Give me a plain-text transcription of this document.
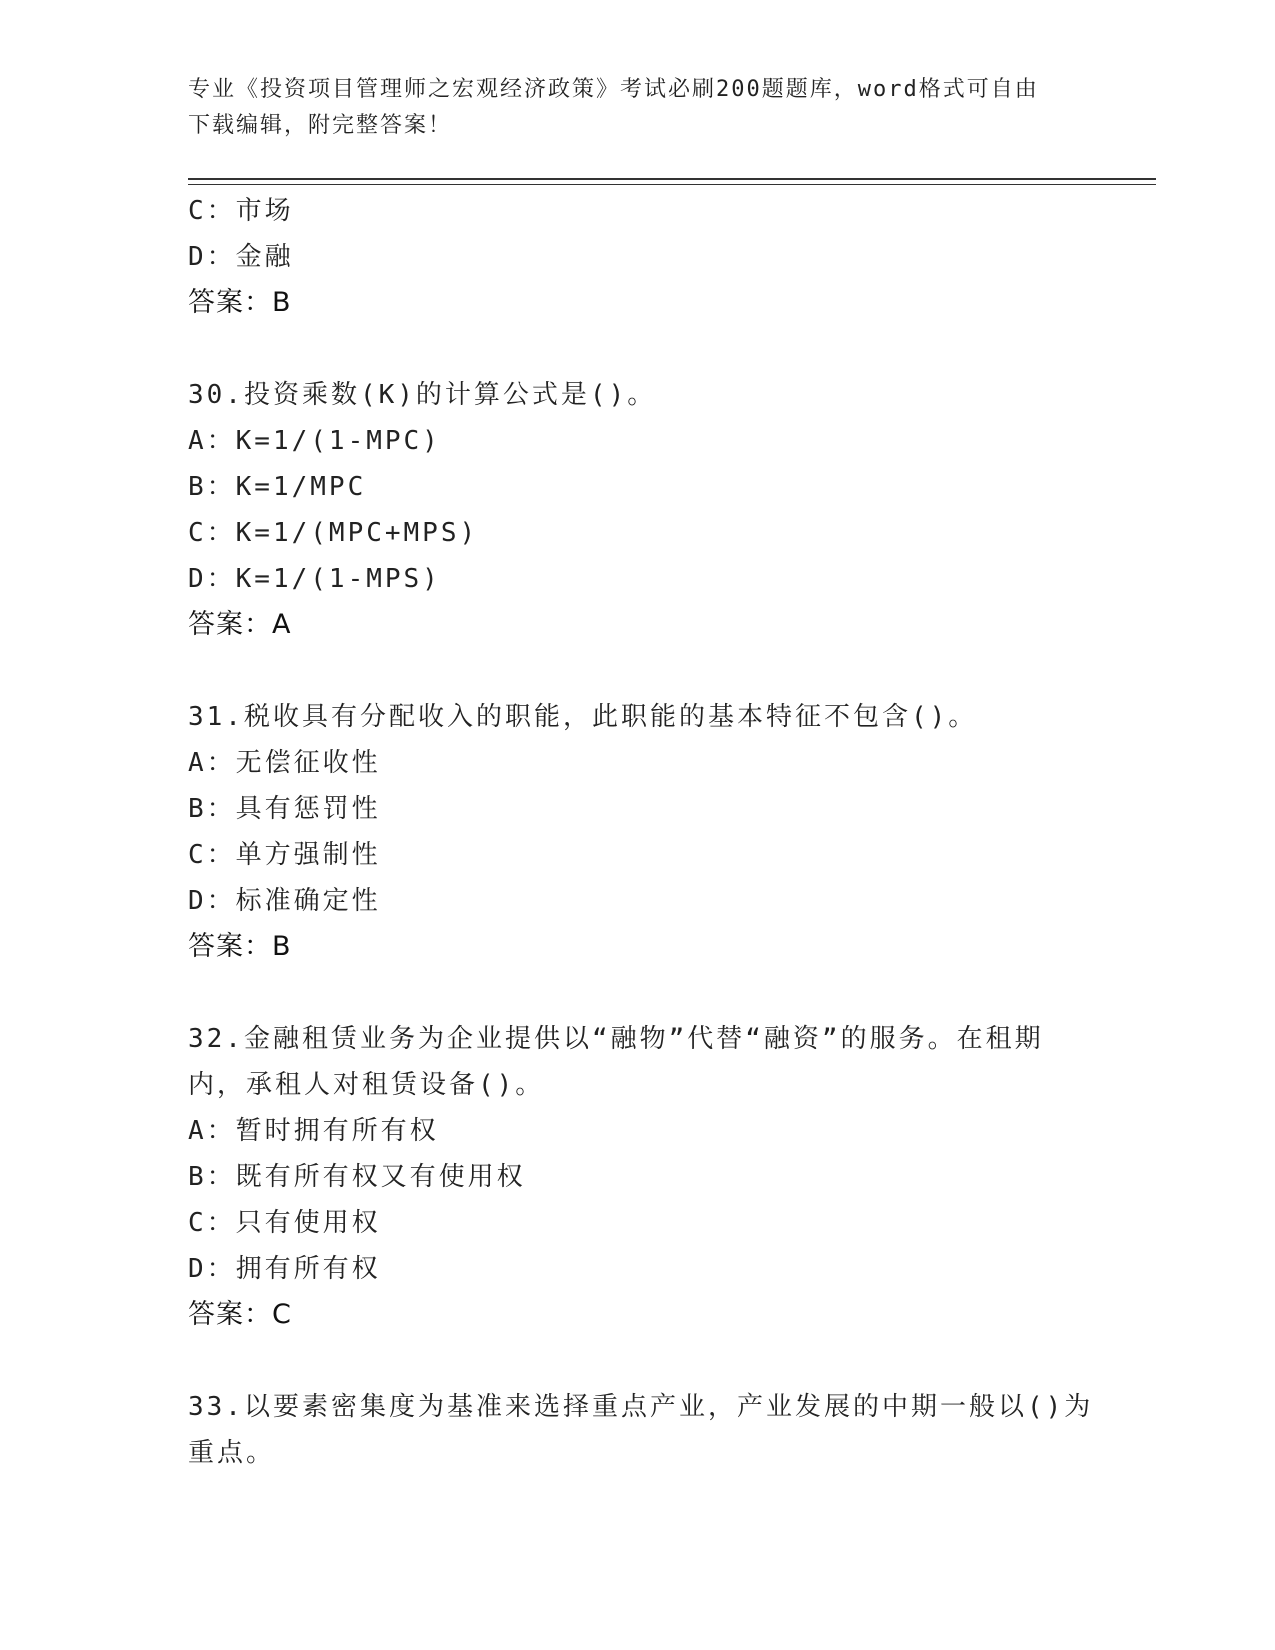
专业《投资项目管理师之宏观经济政策》考试必刷200题题库，word格式可自由
下载编辑，附完整答案！
C：市场
D：金融
答案：B
30.投资乘数(K)的计算公式是()。
A：K=1/(1-MPC)
B：K=1/MPC
C：K=1/(MPC+MPS)
D：K=1/(1-MPS)
答案：A
31.税收具有分配收入的职能，此职能的基本特征不包含()。
A：无偿征收性
B：具有惩罚性
C：单方强制性
D：标准确定性
答案：B
32.金融租赁业务为企业提供以“融物”代替“融资”的服务。在租期
内，承租人对租赁设备()。
A：暂时拥有所有权
B：既有所有权又有使用权
C：只有使用权
D：拥有所有权
答案：C
33.以要素密集度为基准来选择重点产业，产业发展的中期一般以()为
重点。
